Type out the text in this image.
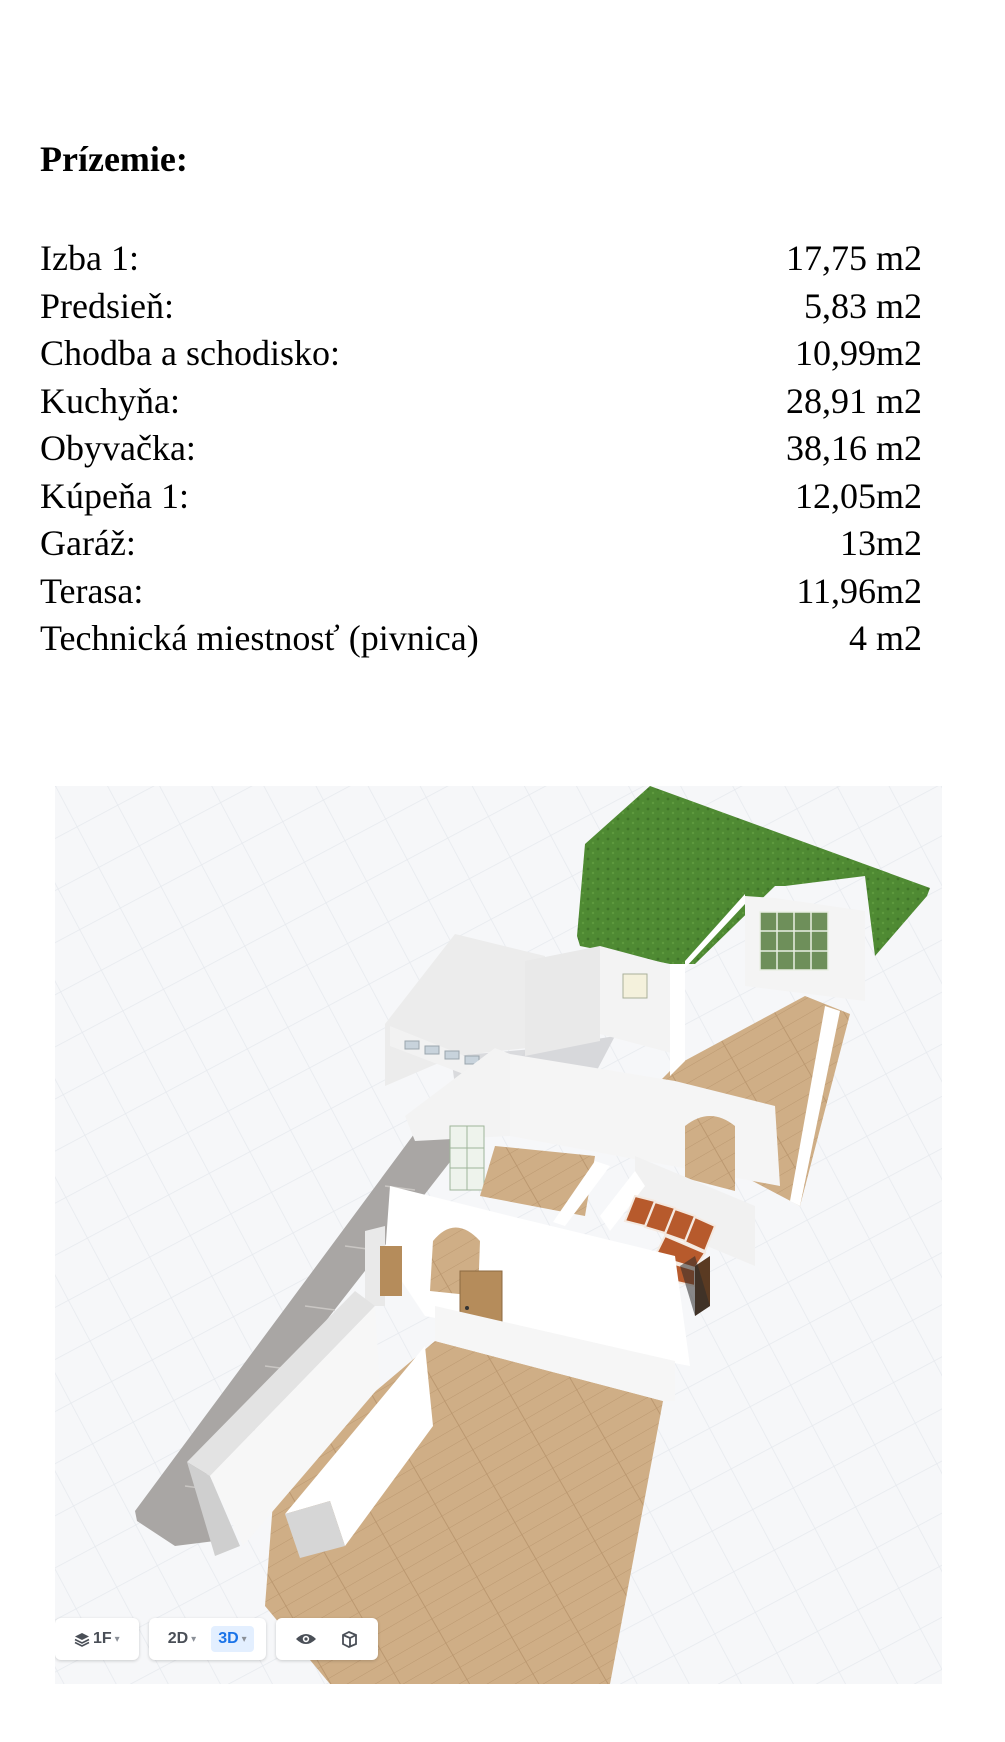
Prízemie:
Izba 1:	17,75 m2
Predsieň:	5,83 m2
Chodba a schodisko:	10,99m2
Kuchyňa:	28,91 m2
Obyvačka:	38,16 m2
Kúpeňa 1:	12,05m2
Garáž:	13m2
Terasa:	11,96m2
Technická miestnosť (pivnica)	4 m2
1F ▾	2D ▾ 3D ▾
